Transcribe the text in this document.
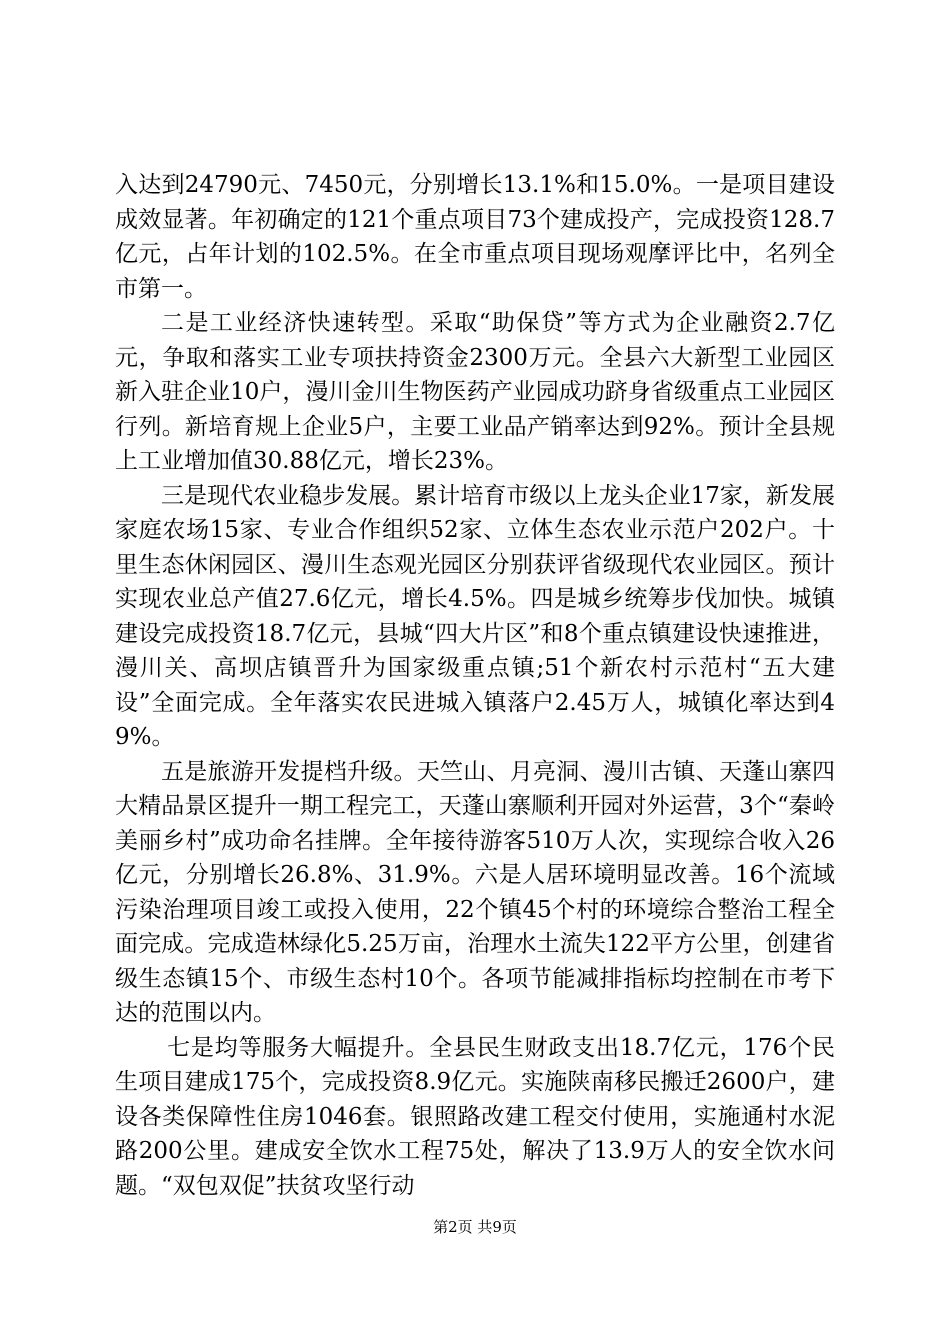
入达到24790元、7450元，分别增长13.1%和15.0%。一是项目建设成效显著。年初确定的121个重点项目73个建成投产，完成投资128.7亿元，占年计划的102.5%。在全市重点项目现场观摩评比中，名列全市第一。

二是工业经济快速转型。采取“助保贷”等方式为企业融资2.7亿元，争取和落实工业专项扶持资金2300万元。全县六大新型工业园区新入驻企业10户，漫川金川生物医药产业园成功跻身省级重点工业园区行列。新培育规上企业5户，主要工业品产销率达到92%。预计全县规上工业增加值30.88亿元，增长23%。

三是现代农业稳步发展。累计培育市级以上龙头企业17家，新发展家庭农场15家、专业合作组织52家、立体生态农业示范户202户。十里生态休闲园区、漫川生态观光园区分别获评省级现代农业园区。预计实现农业总产值27.6亿元，增长4.5%。四是城乡统筹步伐加快。城镇建设完成投资18.7亿元，县城“四大片区”和8个重点镇建设快速推进，漫川关、高坝店镇晋升为国家级重点镇;51个新农村示范村“五大建设”全面完成。全年落实农民进城入镇落户2.45万人，城镇化率达到49%。

五是旅游开发提档升级。天竺山、月亮洞、漫川古镇、天蓬山寨四大精品景区提升一期工程完工，天蓬山寨顺利开园对外运营，3个“秦岭美丽乡村”成功命名挂牌。全年接待游客510万人次，实现综合收入26亿元，分别增长26.8%、31.9%。六是人居环境明显改善。16个流域污染治理项目竣工或投入使用，22个镇45个村的环境综合整治工程全面完成。完成造林绿化5.25万亩，治理水土流失122平方公里，创建省级生态镇15个、市级生态村10个。各项节能减排指标均控制在市考下达的范围以内。

七是均等服务大幅提升。全县民生财政支出18.7亿元，176个民生项目建成175个，完成投资8.9亿元。实施陕南移民搬迁2600户，建设各类保障性住房1046套。银照路改建工程交付使用，实施通村水泥路200公里。建成安全饮水工程75处，解决了13.9万人的安全饮水问题。“双包双促”扶贫攻坚行动

第2页 共9页
